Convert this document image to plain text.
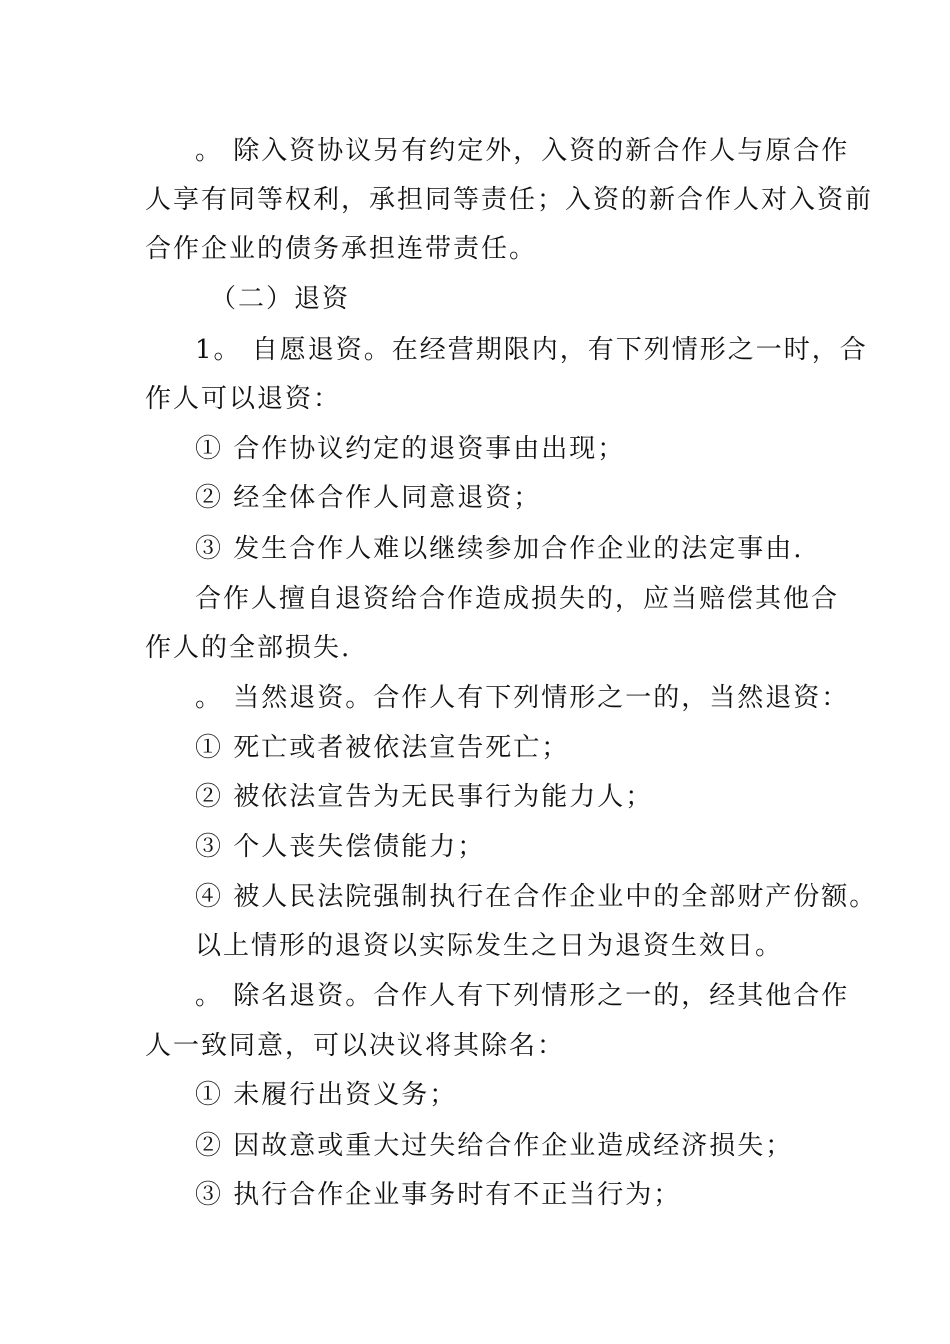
。 除入资协议另有约定外，入资的新合作人与原合作
人享有同等权利，承担同等责任；入资的新合作人对入资前
合作企业的债务承担连带责任。
（二）退资
1。 自愿退资。在经营期限内，有下列情形之一时，合
作人可以退资：
① 合作协议约定的退资事由出现；
② 经全体合作人同意退资；
③ 发生合作人难以继续参加合作企业的法定事由.
合作人擅自退资给合作造成损失的，应当赔偿其他合
作人的全部损失.
。 当然退资。合作人有下列情形之一的，当然退资：
① 死亡或者被依法宣告死亡；
② 被依法宣告为无民事行为能力人；
③ 个人丧失偿债能力；
④ 被人民法院强制执行在合作企业中的全部财产份额。
以上情形的退资以实际发生之日为退资生效日。
。 除名退资。合作人有下列情形之一的，经其他合作
人一致同意，可以决议将其除名：
① 未履行出资义务；
② 因故意或重大过失给合作企业造成经济损失；
③ 执行合作企业事务时有不正当行为；
